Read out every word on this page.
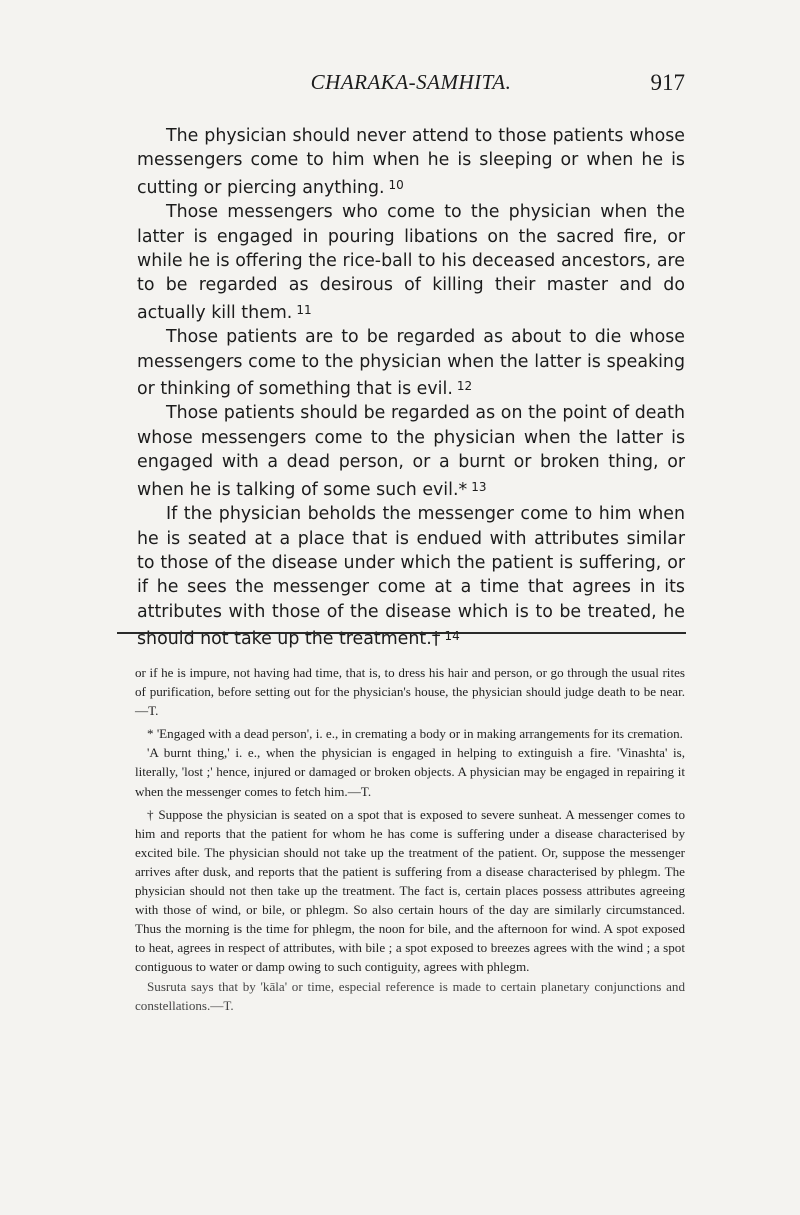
CHARAKA-SAMHITA.	917

The physician should never attend to those patients whose messengers come to him when he is sleeping or when he is cutting or piercing anything. $^{10}$

Those messengers who come to the physician when the latter is engaged in pouring libations on the sacred fire, or while he is offering the rice-ball to his deceased ancestors, are to be regarded as desirous of killing their master and do actually kill them. $^{11}$

Those patients are to be regarded as about to die whose messengers come to the physician when the latter is speaking or thinking of something that is evil. $^{12}$

Those patients should be regarded as on the point of death whose messengers come to the physician when the latter is engaged with a dead person, or a burnt or broken thing, or when he is talking of some such evil.* $^{13}$

If the physician beholds the messenger come to him when he is seated at a place that is endued with attributes similar to those of the disease under which the patient is suffering, or if he sees the messenger come at a time that agrees in its attributes with those of the disease which is to be treated, he should not take up the treatment.† $^{14}$

or if he is impure, not having had time, that is, to dress his hair and person, or go through the usual rites of purification, before setting out for the physician's house, the physician should judge death to be near.—T.

* 'Engaged with a dead person', i. e., in cremating a body or in making arrangements for its cremation.

'A burnt thing,' i. e., when the physician is engaged in helping to extinguish a fire. 'Vinashta' is, literally, 'lost ;' hence, injured or damaged or broken objects. A physician may be engaged in repairing it when the messenger comes to fetch him.—T.

† Suppose the physician is seated on a spot that is exposed to severe sunheat. A messenger comes to him and reports that the patient for whom he has come is suffering under a disease characterised by excited bile. The physician should not take up the treatment of the patient. Or, suppose the messenger arrives after dusk, and reports that the patient is suffering from a disease characterised by phlegm. The physician should not then take up the treatment. The fact is, certain places possess attributes agreeing with those of wind, or bile, or phlegm. So also certain hours of the day are similarly circumstanced. Thus the morning is the time for phlegm, the noon for bile, and the afternoon for wind. A spot exposed to heat, agrees in respect of attributes, with bile ; a spot exposed to breezes agrees with the wind ; a spot contiguous to water or damp owing to such contiguity, agrees with phlegm.

Susruta says that by 'kāla' or time, especial reference is made to certain planetary conjunctions and constellations.—T.
